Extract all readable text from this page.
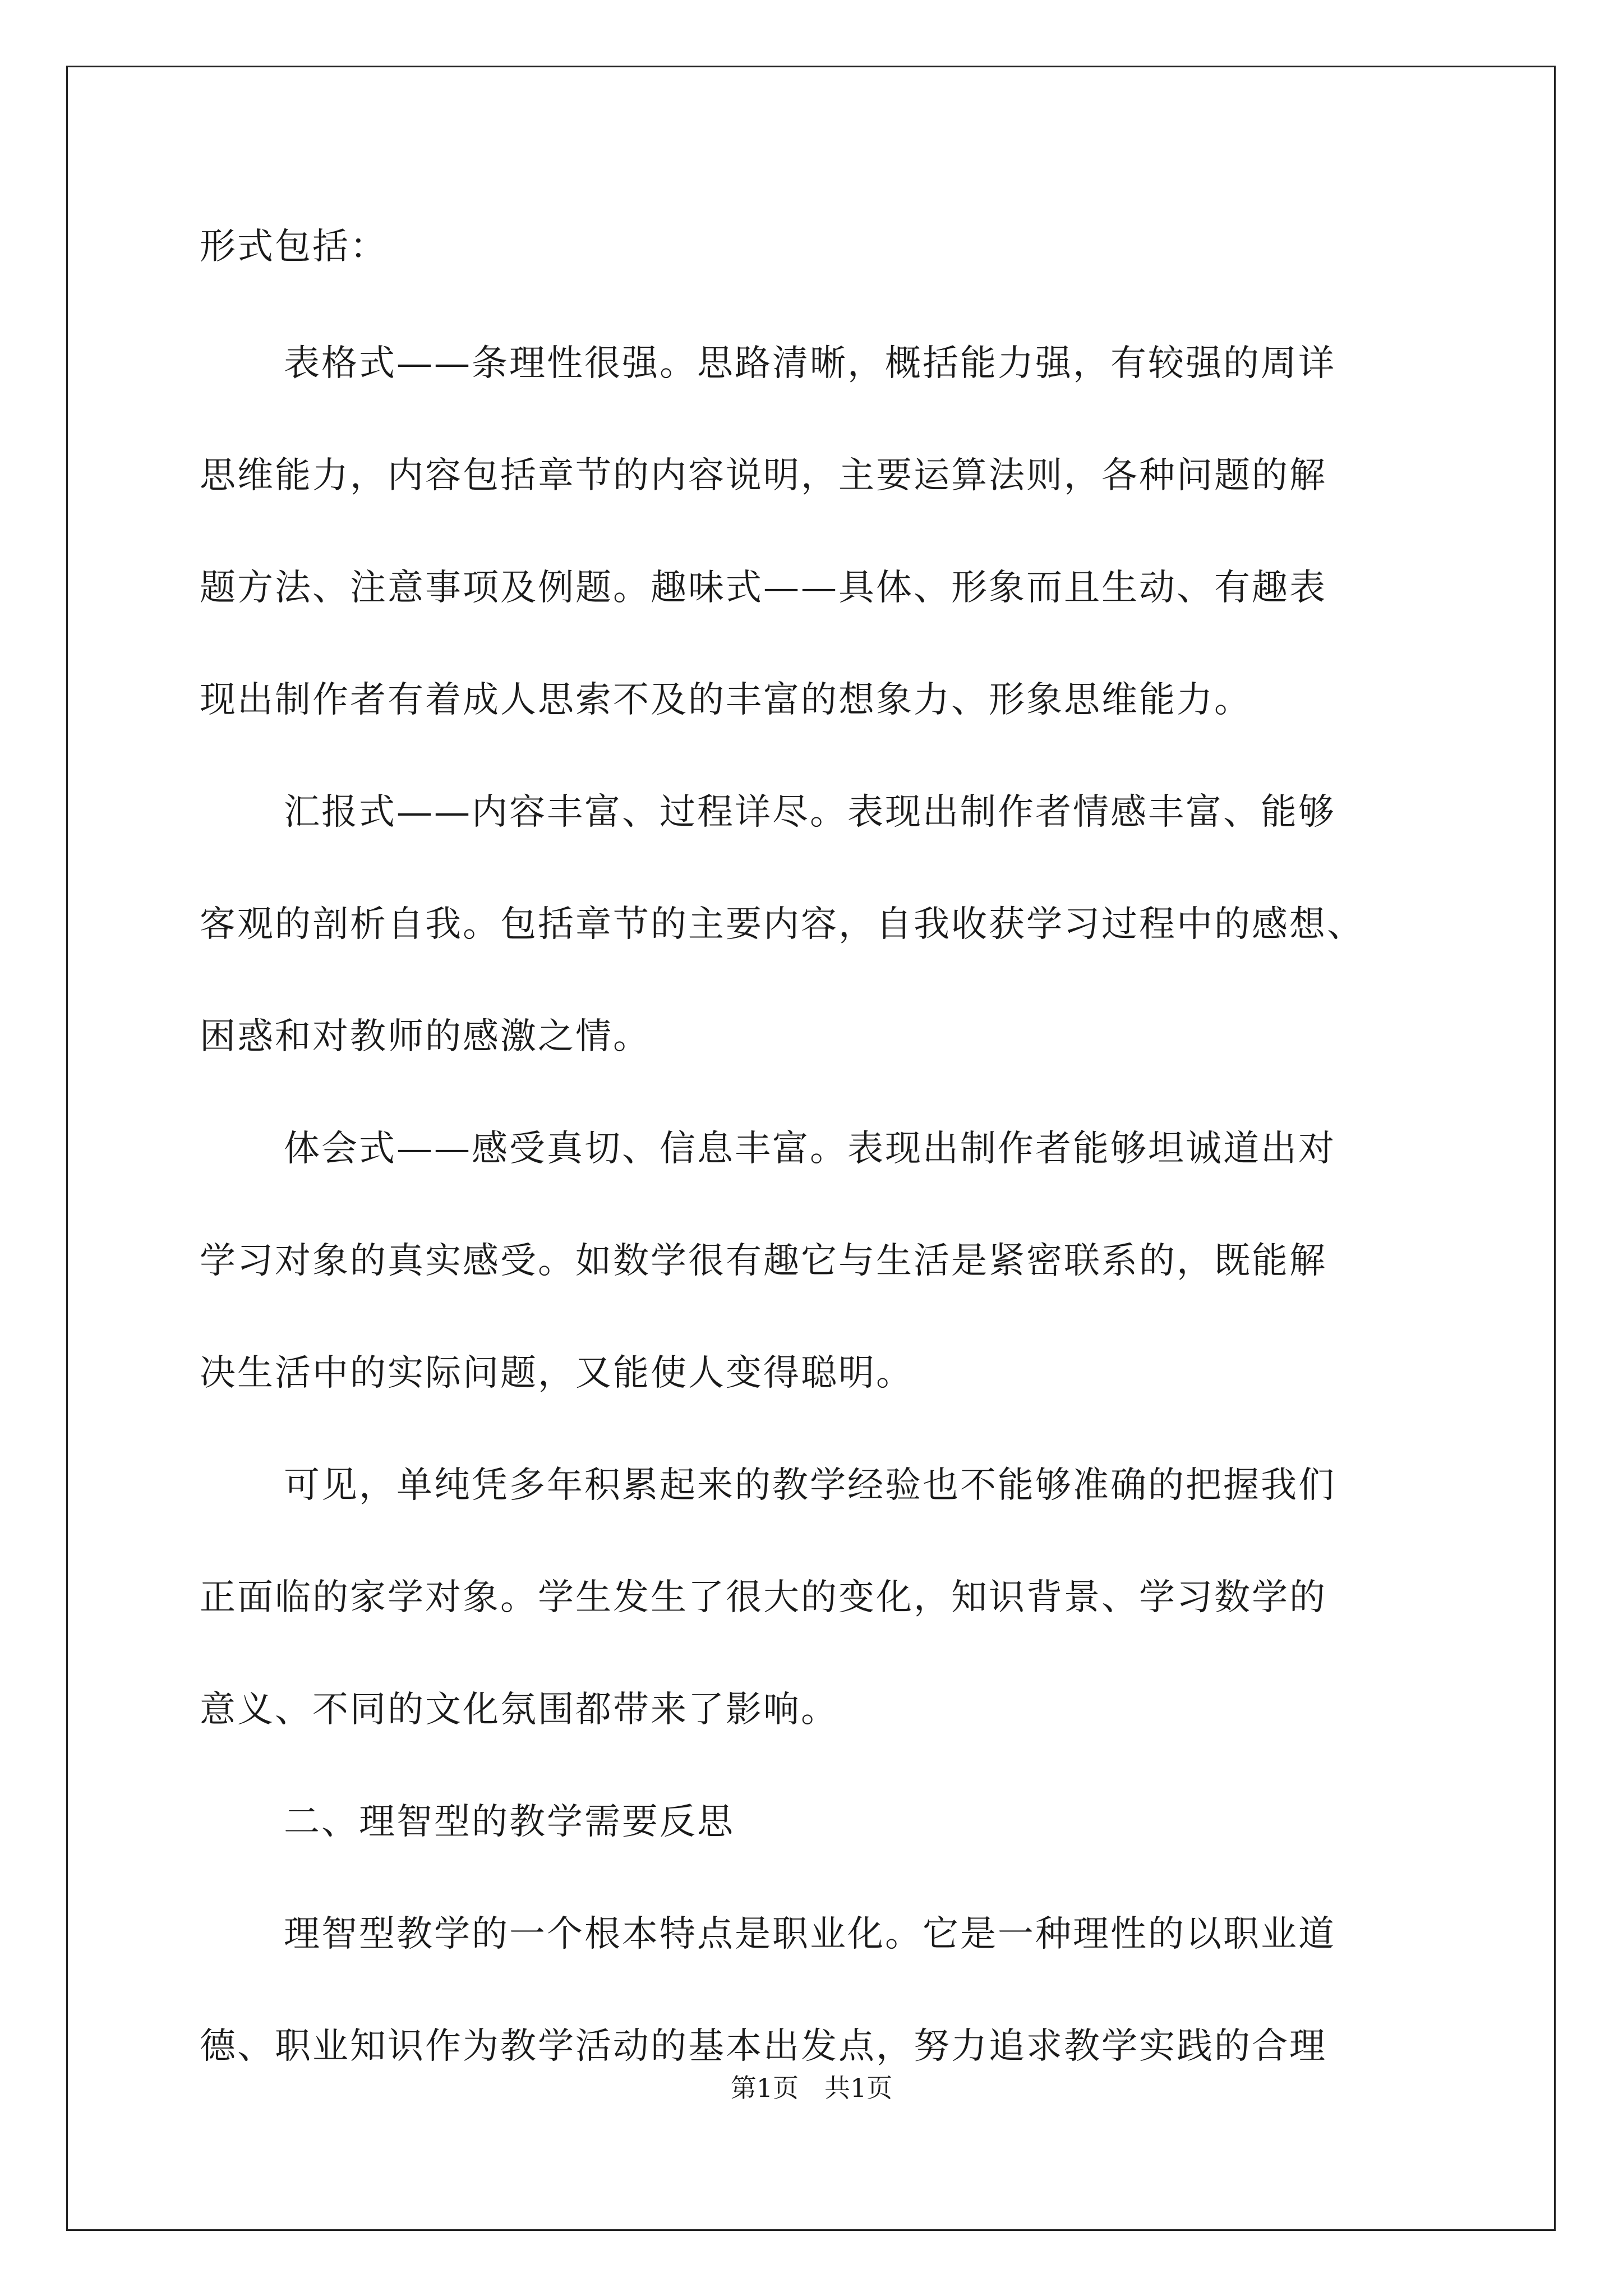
形式包括：
表格式——条理性很强。思路清晰，概括能力强，有较强的周详
思维能力，内容包括章节的内容说明，主要运算法则，各种问题的解
题方法、注意事项及例题。趣味式——具体、形象而且生动、有趣表
现出制作者有着成人思索不及的丰富的想象力、形象思维能力。
汇报式——内容丰富、过程详尽。表现出制作者情感丰富、能够
客观的剖析自我。包括章节的主要内容，自我收获学习过程中的感想、
困惑和对教师的感激之情。
体会式——感受真切、信息丰富。表现出制作者能够坦诚道出对
学习对象的真实感受。如数学很有趣它与生活是紧密联系的，既能解
决生活中的实际问题，又能使人变得聪明。
可见，单纯凭多年积累起来的教学经验也不能够准确的把握我们
正面临的家学对象。学生发生了很大的变化，知识背景、学习数学的
意义、不同的文化氛围都带来了影响。
二、理智型的教学需要反思
理智型教学的一个根本特点是职业化。它是一种理性的以职业道
德、职业知识作为教学活动的基本出发点，努力追求教学实践的合理
第1页　共1页
